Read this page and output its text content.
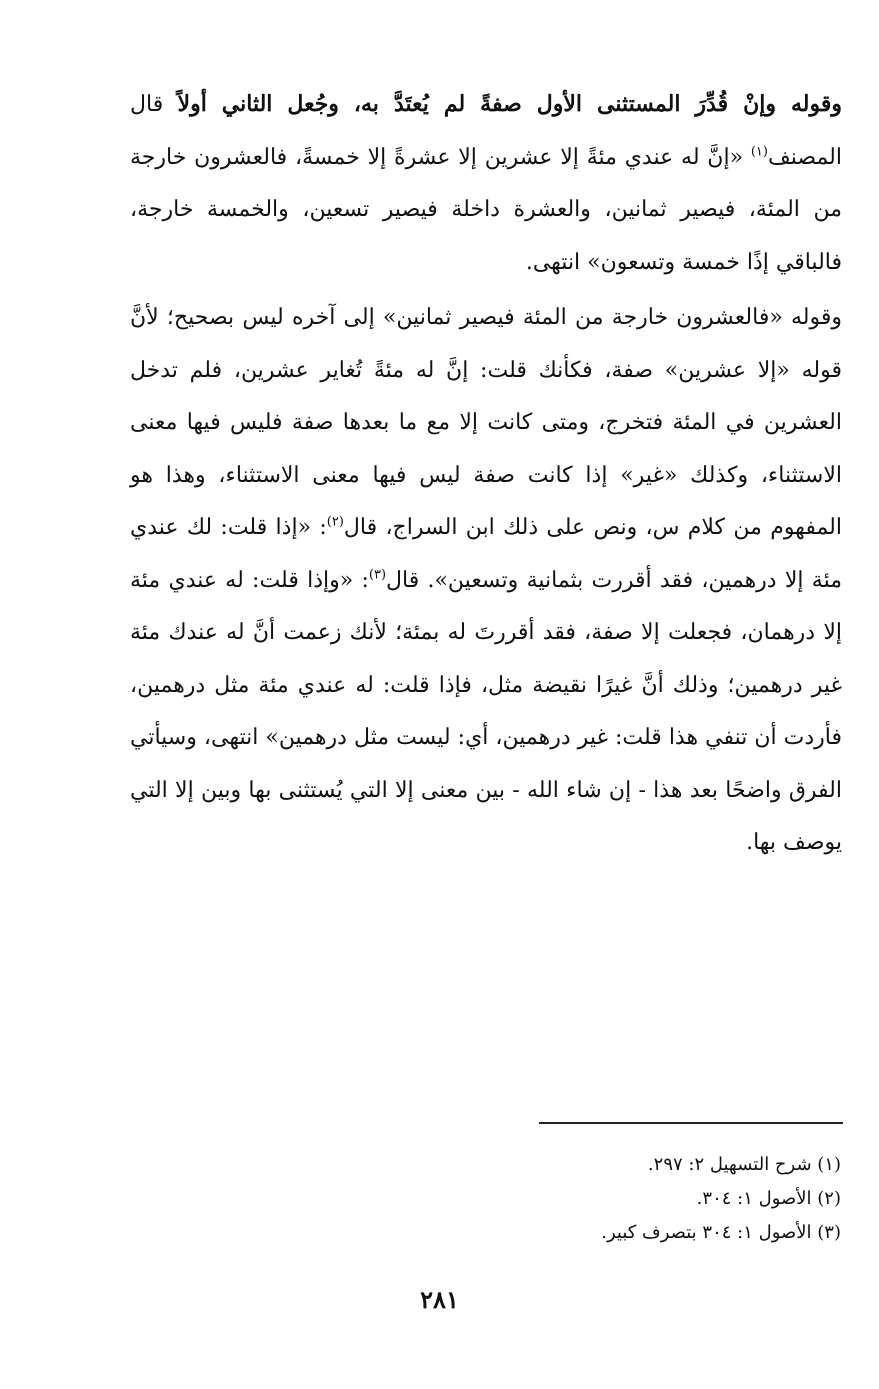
وقوله وإنْ قُدِّرَ المستثنى الأول صفةً لم يُعتَدَّ به، وجُعل الثاني أولاً قال المصنف$^{(١)}$ «إنَّ له عندي مئةً إلا عشرين إلا عشرةً إلا خمسةً، فالعشرون خارجة من المئة، فيصير ثمانين، والعشرة داخلة فيصير تسعين، والخمسة خارجة، فالباقي إذًا خمسة وتسعون» انتهى.

وقوله «فالعشرون خارجة من المئة فيصير ثمانين» إلى آخره ليس بصحيح؛ لأنَّ قوله «إلا عشرين» صفة، فكأنك قلت: إنَّ له مئةً تُغاير عشرين، فلم تدخل العشرين في المئة فتخرج، ومتى كانت إلا مع ما بعدها صفة فليس فيها معنى الاستثناء، وكذلك «غير» إذا كانت صفة ليس فيها معنى الاستثناء، وهذا هو المفهوم من كلام س، ونص على ذلك ابن السراج، قال$^{(٢)}$: «إذا قلت: لك عندي مئة إلا درهمين، فقد أقررت بثمانية وتسعين». قال$^{(٣)}$: «وإذا قلت: له عندي مئة إلا درهمان، فجعلت إلا صفة، فقد أقررتَ له بمئة؛ لأنك زعمت أنَّ له عندك مئة غير درهمين؛ وذلك أنَّ غيرًا نقيضة مثل، فإذا قلت: له عندي مئة مثل درهمين، فأردت أن تنفي هذا قلت: غير درهمين، أي: ليست مثل درهمين» انتهى، وسيأتي الفرق واضحًا بعد هذا - إن شاء الله - بين معنى إلا التي يُستثنى بها وبين إلا التي يوصف بها.

(١) شرح التسهيل ٢: ٢٩٧.

(٢) الأصول ١: ٣٠٤.

(٣) الأصول ١: ٣٠٤ بتصرف كبير.

٢٨١
